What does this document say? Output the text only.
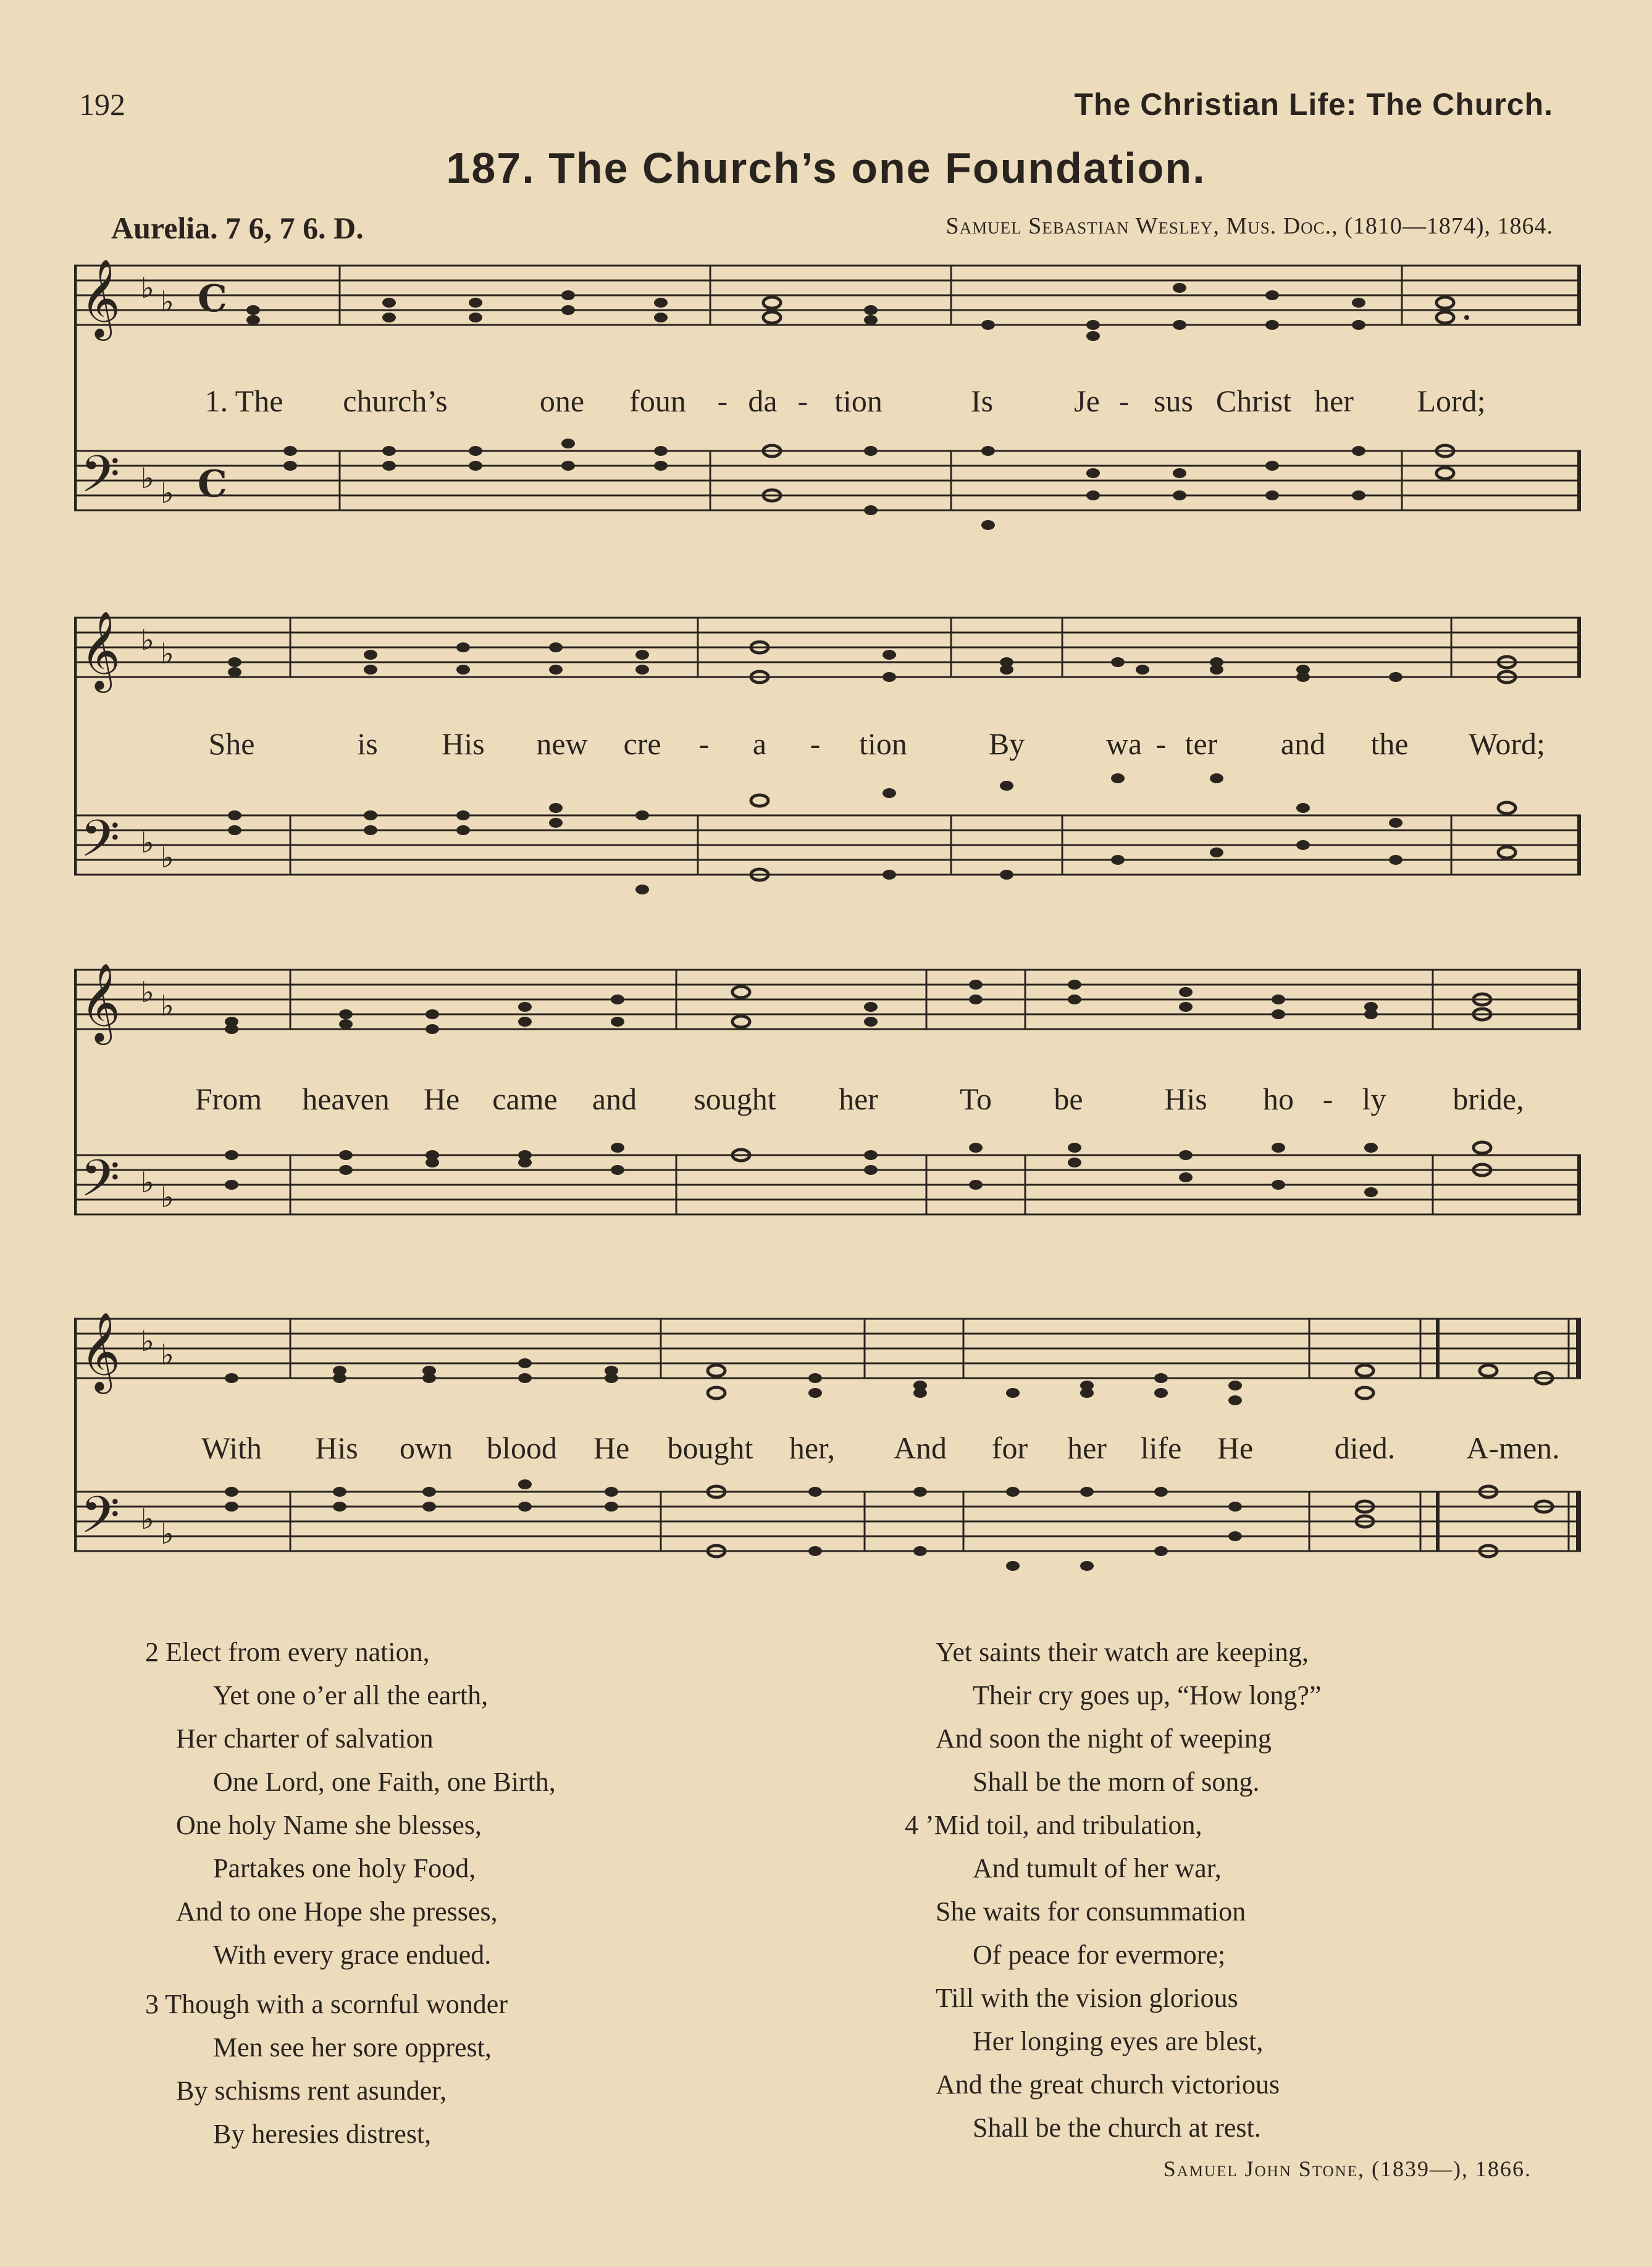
192	The Christian Life: The Church.
187. The Church’s one Foundation.
Aurelia. 7 6, 7 6. D.	Samuel Sebastian Wesley, Mus. Doc., (1810—1874), 1864.
𝄞
𝄢
♭ ♭
♭ ♭
C
C
1. The church’s	one foun - da - tion	Is	Je - sus Christ her Lord;
𝄞
𝄢
♭ ♭
♭ ♭
She	is His new cre - a - tion	By	wa - ter and the Word;
𝄞
𝄢
♭ ♭
♭ ♭
From heaven He came and sought her	To be	His ho - ly bride,
𝄞
𝄢
♭ ♭
♭ ♭
With His own blood He bought her, And for her life He	died. A-men.
2 Elect from every nation,
Yet one o’er all the earth,
Her charter of salvation
One Lord, one Faith, one Birth,
One holy Name she blesses,
Partakes one holy Food,
And to one Hope she presses,
With every grace endued.
3 Though with a scornful wonder
Men see her sore opprest,
By schisms rent asunder,
By heresies distrest,
Yet saints their watch are keeping,
Their cry goes up, “How long?”
And soon the night of weeping
Shall be the morn of song.
4 ’Mid toil, and tribulation,
And tumult of her war,
She waits for consummation
Of peace for evermore;
Till with the vision glorious
Her longing eyes are blest,
And the great church victorious
Shall be the church at rest.
Samuel John Stone, (1839—), 1866.
